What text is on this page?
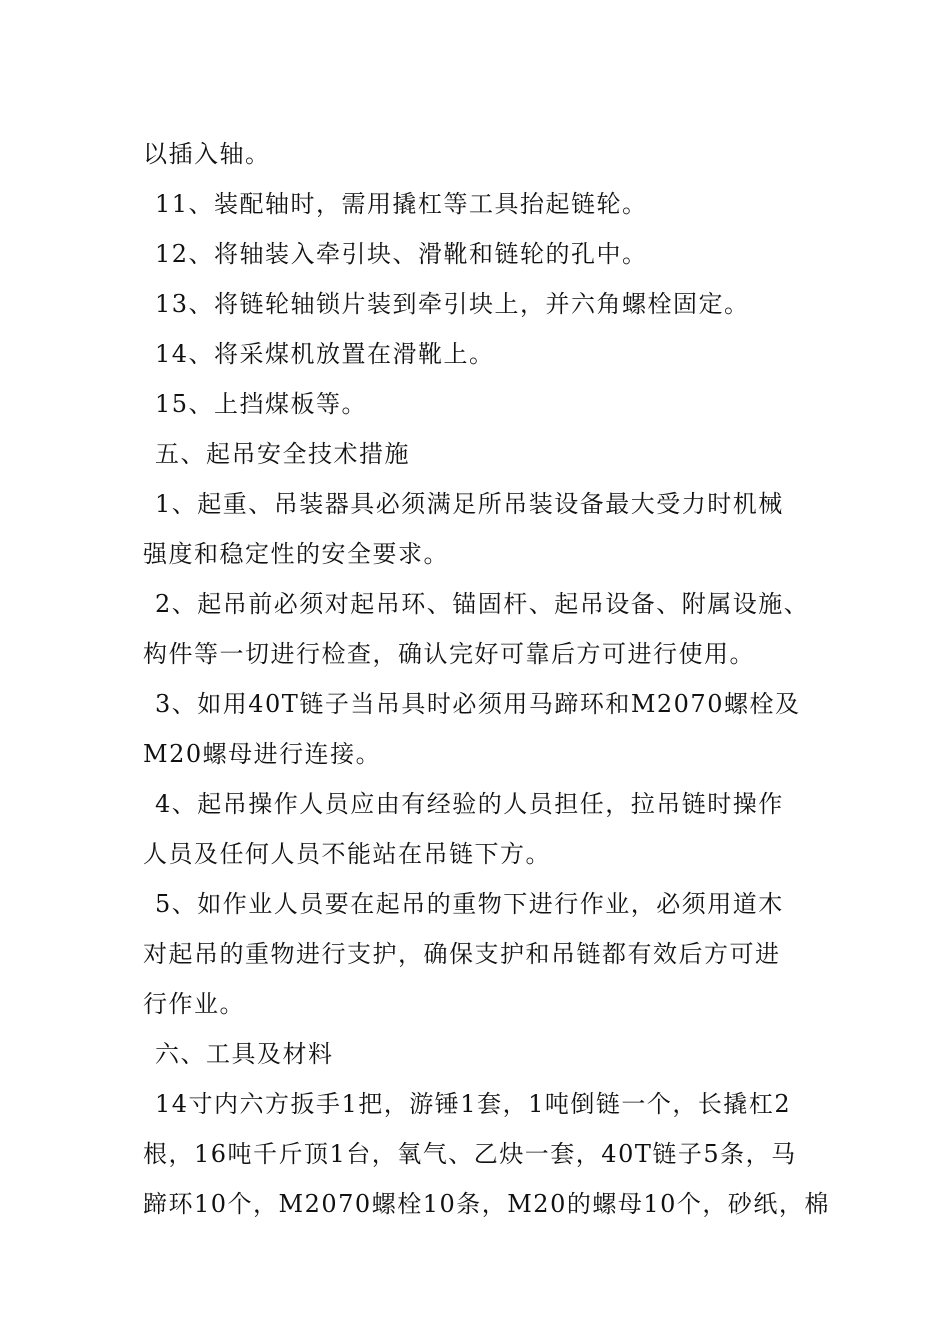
以插入轴。
11、装配轴时，需用撬杠等工具抬起链轮。
12、将轴装入牵引块、滑靴和链轮的孔中。
13、将链轮轴锁片装到牵引块上，并六角螺栓固定。
14、将采煤机放置在滑靴上。
15、上挡煤板等。
五、起吊安全技术措施
1、起重、吊装器具必须满足所吊装设备最大受力时机械
强度和稳定性的安全要求。
2、起吊前必须对起吊环、锚固杆、起吊设备、附属设施、
构件等一切进行检查，确认完好可靠后方可进行使用。
3、如用40T链子当吊具时必须用马蹄环和M2070螺栓及
M20螺母进行连接。
4、起吊操作人员应由有经验的人员担任，拉吊链时操作
人员及任何人员不能站在吊链下方。
5、如作业人员要在起吊的重物下进行作业，必须用道木
对起吊的重物进行支护，确保支护和吊链都有效后方可进
行作业。
六、工具及材料
14寸内六方扳手1把，游锤1套，1吨倒链一个，长撬杠2
根，16吨千斤顶1台，氧气、乙炔一套，40T链子5条，马
蹄环10个，M2070螺栓10条，M20的螺母10个，砂纸，棉
